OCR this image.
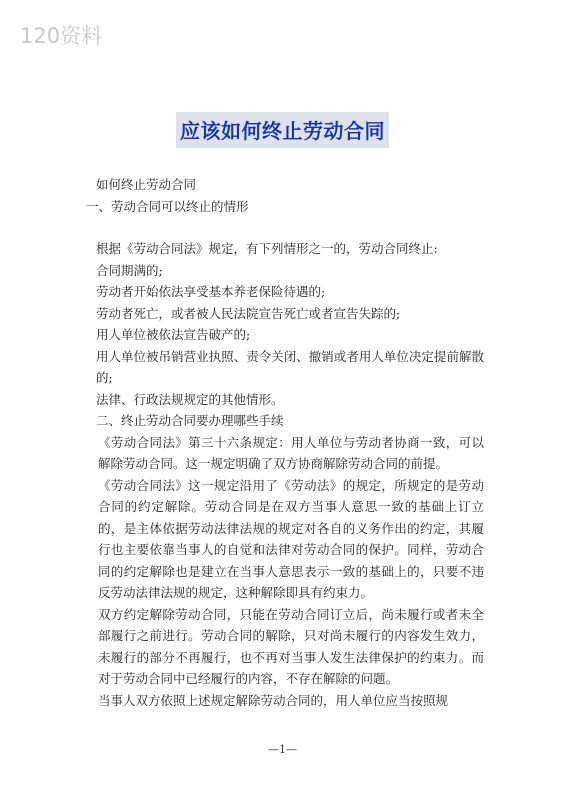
120资料
应该如何终止劳动合同
如何终止劳动合同
一、劳动合同可以终止的情形
根据《劳动合同法》规定，有下列情形之一的，劳动合同终止:
合同期满的;
劳动者开始依法享受基本养老保险待遇的;
劳动者死亡，或者被人民法院宣告死亡或者宣告失踪的;
用人单位被依法宣告破产的;
用人单位被吊销营业执照、责令关闭、撤销或者用人单位决定提前解散的;
法律、行政法规规定的其他情形。
二、终止劳动合同要办理哪些手续
《劳动合同法》第三十六条规定：用人单位与劳动者协商一致，可以解除劳动合同。这一规定明确了双方协商解除劳动合同的前提。
《劳动合同法》这一规定沿用了《劳动法》的规定，所规定的是劳动合同的约定解除。劳动合同是在双方当事人意思一致的基础上订立的，是主体依据劳动法律法规的规定对各自的义务作出的约定，其履行也主要依靠当事人的自觉和法律对劳动合同的保护。同样，劳动合同的约定解除也是建立在当事人意思表示一致的基础上的，只要不违反劳动法律法规的规定，这种解除即具有约束力。
双方约定解除劳动合同，只能在劳动合同订立后，尚未履行或者未全部履行之前进行。劳动合同的解除，只对尚未履行的内容发生效力，未履行的部分不再履行，也不再对当事人发生法律保护的约束力。而对于劳动合同中已经履行的内容，不存在解除的问题。
当事人双方依照上述规定解除劳动合同的，用人单位应当按照规
—1—
